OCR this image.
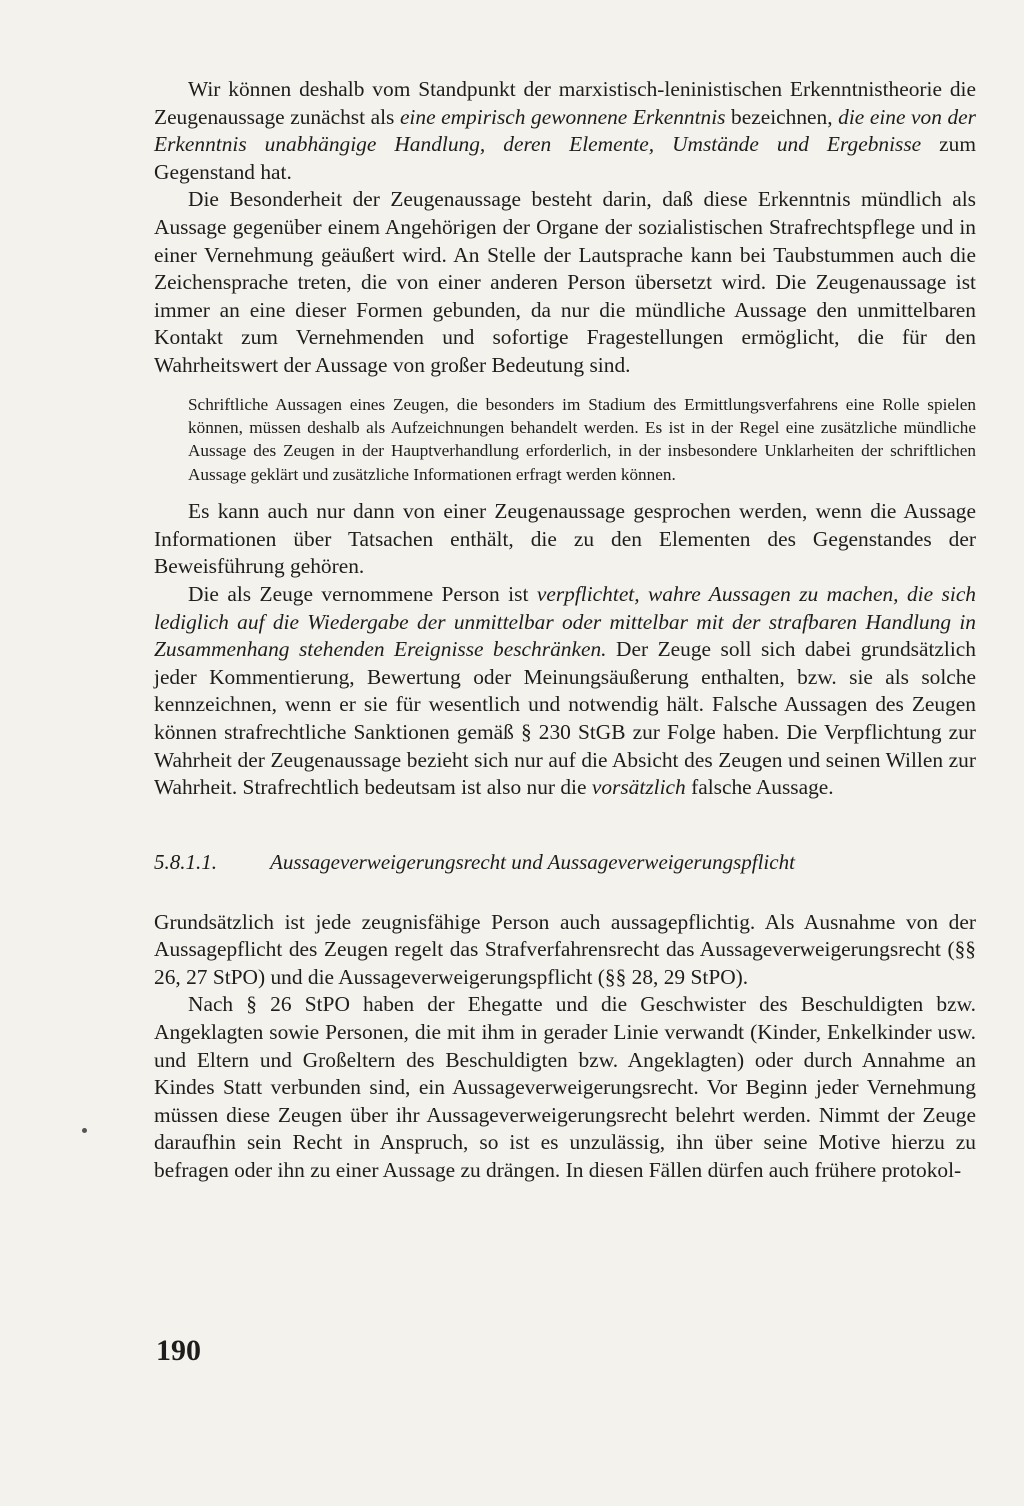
Wir können deshalb vom Standpunkt der marxistisch-leninistischen Erkenntnistheorie die Zeugenaussage zunächst als eine empirisch gewonnene Erkenntnis bezeichnen, die eine von der Erkenntnis unabhängige Handlung, deren Elemente, Umstände und Ergebnisse zum Gegenstand hat.

Die Besonderheit der Zeugenaussage besteht darin, daß diese Erkenntnis mündlich als Aussage gegenüber einem Angehörigen der Organe der sozialistischen Strafrechtspflege und in einer Vernehmung geäußert wird. An Stelle der Lautsprache kann bei Taubstummen auch die Zeichensprache treten, die von einer anderen Person übersetzt wird. Die Zeugenaussage ist immer an eine dieser Formen gebunden, da nur die mündliche Aussage den unmittelbaren Kontakt zum Vernehmenden und sofortige Fragestellungen ermöglicht, die für den Wahrheitswert der Aussage von großer Bedeutung sind.

Schriftliche Aussagen eines Zeugen, die besonders im Stadium des Ermittlungsverfahrens eine Rolle spielen können, müssen deshalb als Aufzeichnungen behandelt werden. Es ist in der Regel eine zusätzliche mündliche Aussage des Zeugen in der Hauptverhandlung erforderlich, in der insbesondere Unklarheiten der schriftlichen Aussage geklärt und zusätzliche Informationen erfragt werden können.

Es kann auch nur dann von einer Zeugenaussage gesprochen werden, wenn die Aussage Informationen über Tatsachen enthält, die zu den Elementen des Gegenstandes der Beweisführung gehören.

Die als Zeuge vernommene Person ist verpflichtet, wahre Aussagen zu machen, die sich lediglich auf die Wiedergabe der unmittelbar oder mittelbar mit der strafbaren Handlung in Zusammenhang stehenden Ereignisse beschränken. Der Zeuge soll sich dabei grundsätzlich jeder Kommentierung, Bewertung oder Meinungsäußerung enthalten, bzw. sie als solche kennzeichnen, wenn er sie für wesentlich und notwendig hält. Falsche Aussagen des Zeugen können strafrechtliche Sanktionen gemäß § 230 StGB zur Folge haben. Die Verpflichtung zur Wahrheit der Zeugenaussage bezieht sich nur auf die Absicht des Zeugen und seinen Willen zur Wahrheit. Strafrechtlich bedeutsam ist also nur die vorsätzlich falsche Aussage.

5.8.1.1.	Aussageverweigerungsrecht und Aussageverweigerungspflicht

Grundsätzlich ist jede zeugnisfähige Person auch aussagepflichtig. Als Ausnahme von der Aussagepflicht des Zeugen regelt das Strafverfahrensrecht das Aussageverweigerungsrecht (§§ 26, 27 StPO) und die Aussageverweigerungspflicht (§§ 28, 29 StPO).

Nach § 26 StPO haben der Ehegatte und die Geschwister des Beschuldigten bzw. Angeklagten sowie Personen, die mit ihm in gerader Linie verwandt (Kinder, Enkelkinder usw. und Eltern und Großeltern des Beschuldigten bzw. Angeklagten) oder durch Annahme an Kindes Statt verbunden sind, ein Aussageverweigerungsrecht. Vor Beginn jeder Vernehmung müssen diese Zeugen über ihr Aussageverweigerungsrecht belehrt werden. Nimmt der Zeuge daraufhin sein Recht in Anspruch, so ist es unzulässig, ihn über seine Motive hierzu zu befragen oder ihn zu einer Aussage zu drängen. In diesen Fällen dürfen auch frühere protokol-

190
